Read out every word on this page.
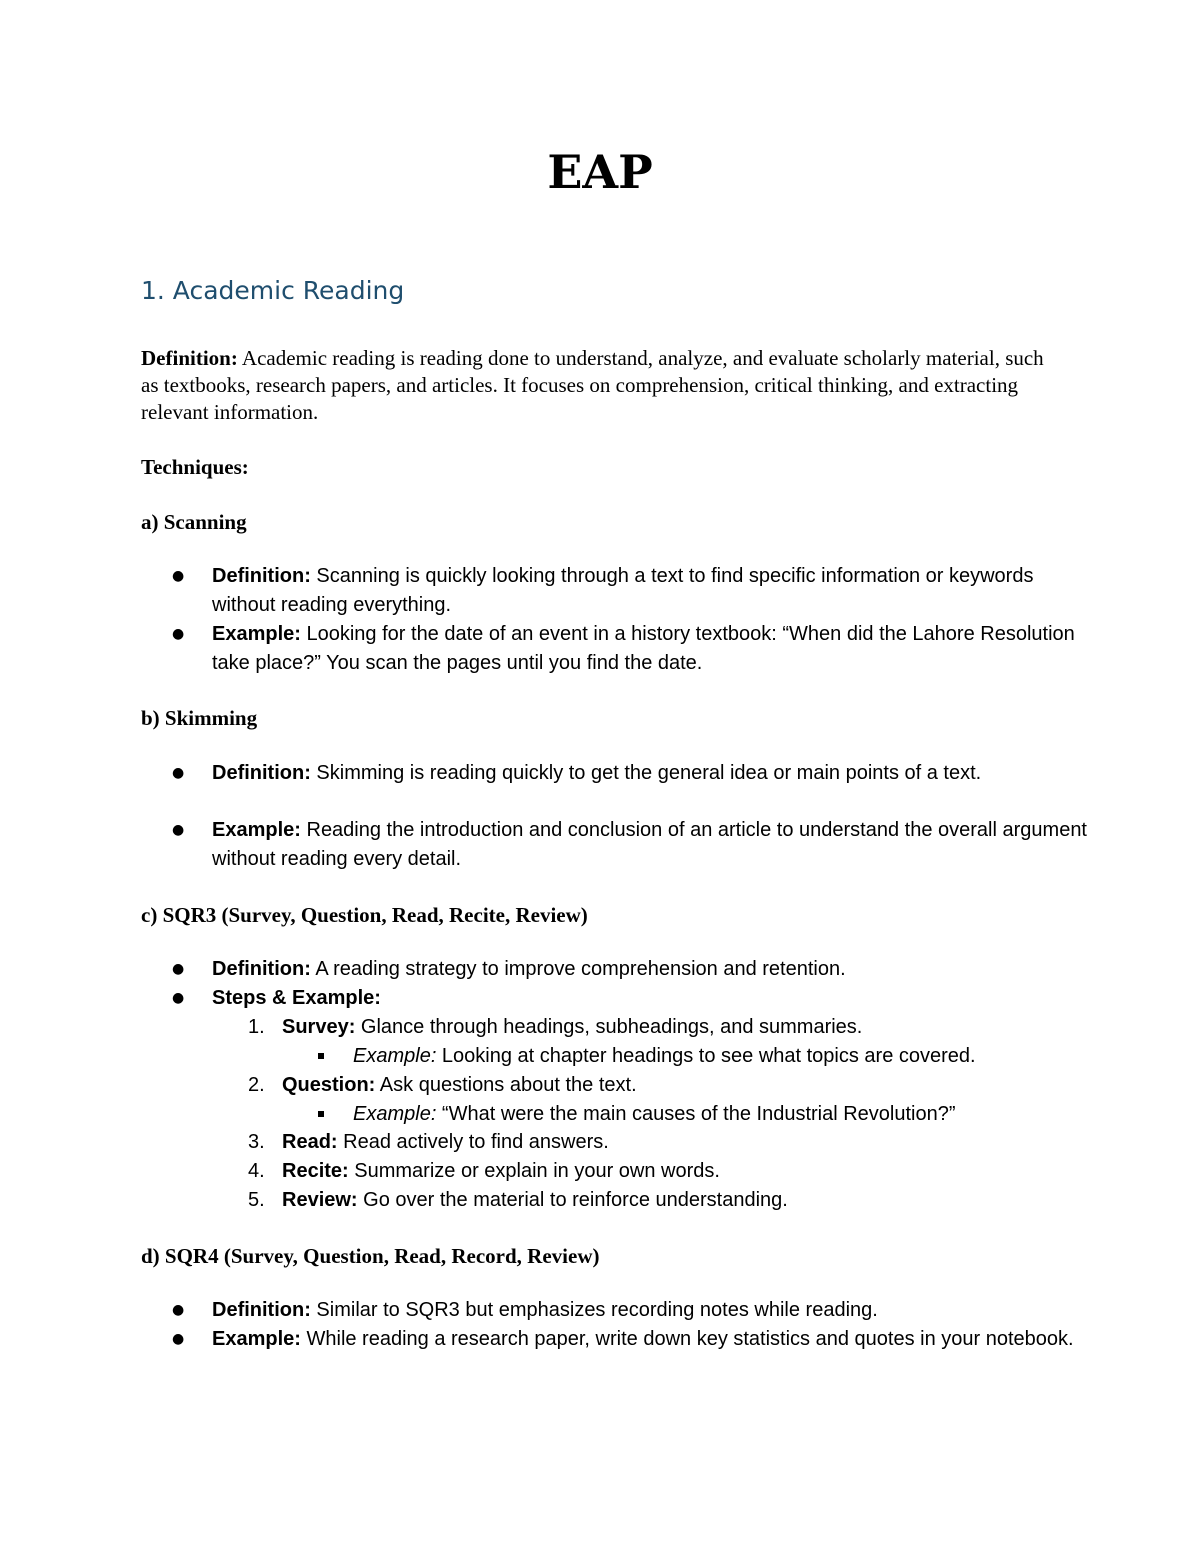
EAP
1. Academic Reading
Definition: Academic reading is reading done to understand, analyze, and evaluate scholarly material, such as textbooks, research papers, and articles. It focuses on comprehension, critical thinking, and extracting relevant information.
Techniques:
a) Scanning
● Definition: Scanning is quickly looking through a text to find specific information or keywords without reading everything.
● Example: Looking for the date of an event in a history textbook: “When did the Lahore Resolution take place?” You scan the pages until you find the date.
b) Skimming
● Definition: Skimming is reading quickly to get the general idea or main points of a text.
● Example: Reading the introduction and conclusion of an article to understand the overall argument without reading every detail.
c) SQR3 (Survey, Question, Read, Recite, Review)
● Definition: A reading strategy to improve comprehension and retention.
● Steps & Example:
1. Survey: Glance through headings, subheadings, and summaries.
Example: Looking at chapter headings to see what topics are covered.
2. Question: Ask questions about the text.
Example: “What were the main causes of the Industrial Revolution?”
3. Read: Read actively to find answers.
4. Recite: Summarize or explain in your own words.
5. Review: Go over the material to reinforce understanding.
d) SQR4 (Survey, Question, Read, Record, Review)
● Definition: Similar to SQR3 but emphasizes recording notes while reading.
● Example: While reading a research paper, write down key statistics and quotes in your notebook.
